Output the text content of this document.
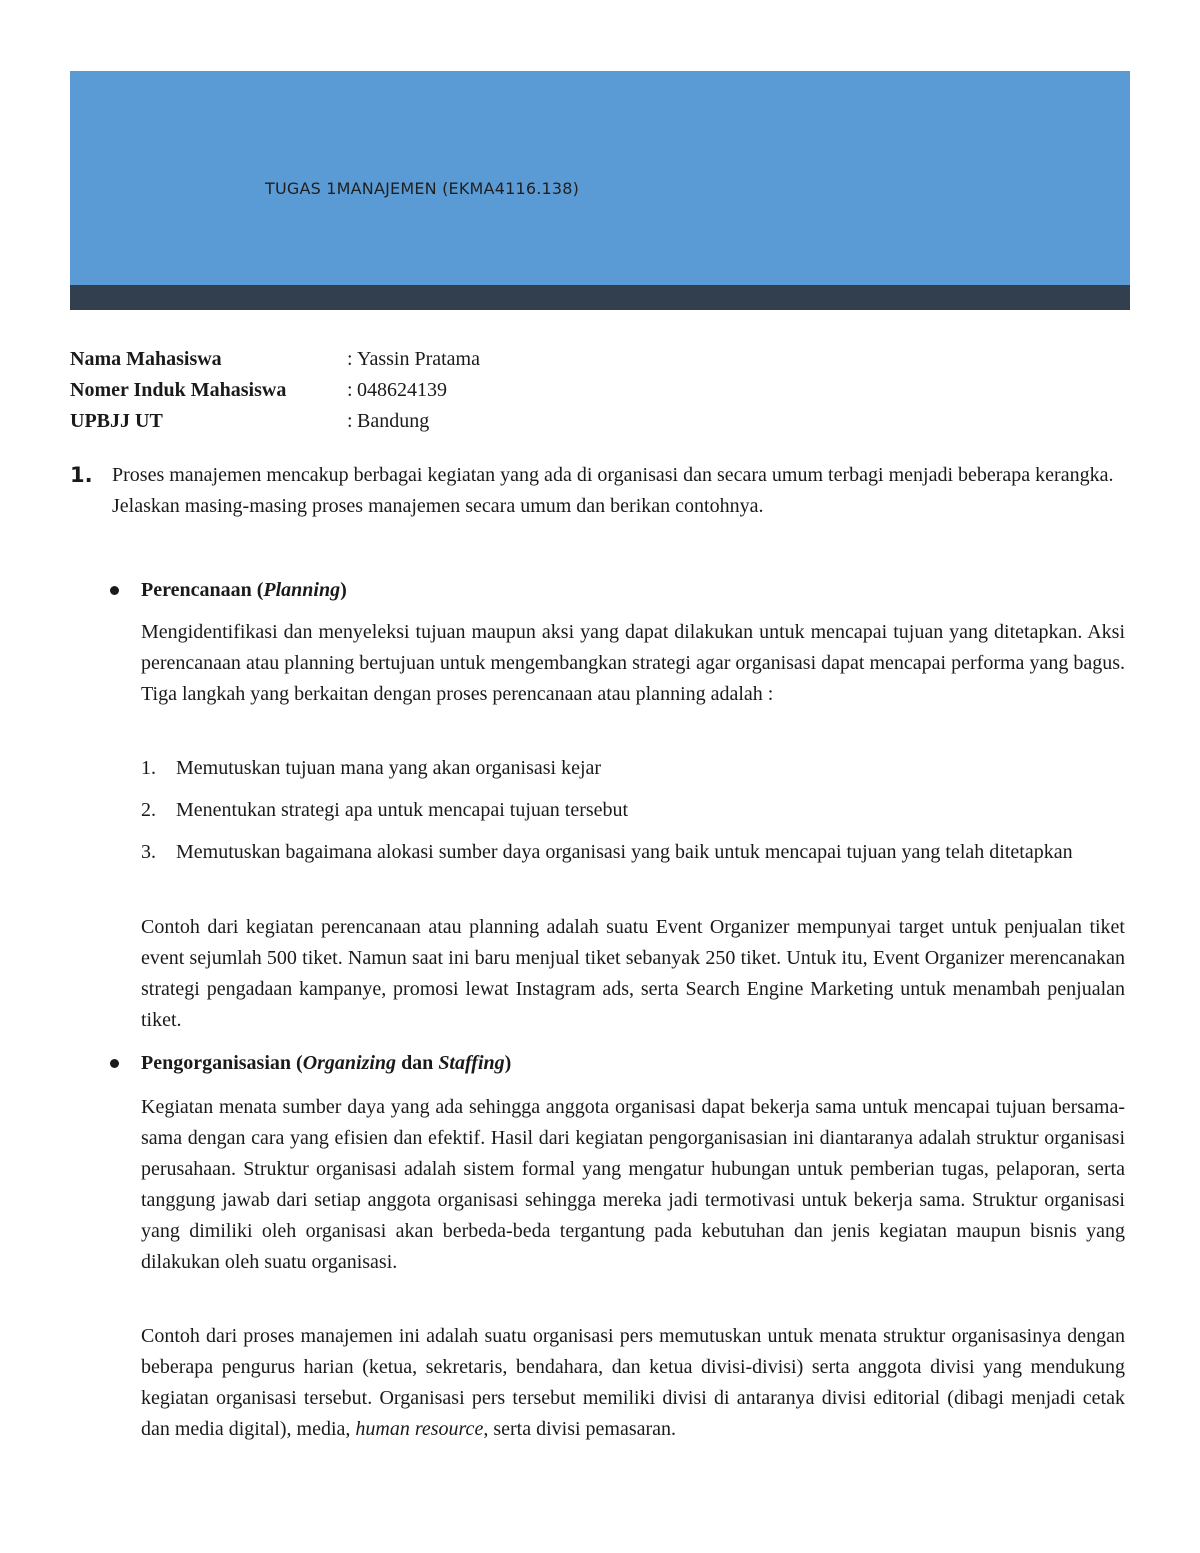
TUGAS 1MANAJEMEN (EKMA4116.138)
Nama Mahasiswa	: Yassin Pratama
Nomer Induk Mahasiswa	: 048624139
UPBJJ UT	: Bandung
1. Proses manajemen mencakup berbagai kegiatan yang ada di organisasi dan secara umum terbagi menjadi beberapa kerangka.
Jelaskan masing-masing proses manajemen secara umum dan berikan contohnya.
Perencanaan (Planning)
Mengidentifikasi dan menyeleksi tujuan maupun aksi yang dapat dilakukan untuk mencapai tujuan yang ditetapkan. Aksi perencanaan atau planning bertujuan untuk mengembangkan strategi agar organisasi dapat mencapai performa yang bagus. Tiga langkah yang berkaitan dengan proses perencanaan atau planning adalah :
1. Memutuskan tujuan mana yang akan organisasi kejar
2. Menentukan strategi apa untuk mencapai tujuan tersebut
3. Memutuskan bagaimana alokasi sumber daya organisasi yang baik untuk mencapai tujuan yang telah ditetapkan
Contoh dari kegiatan perencanaan atau planning adalah suatu Event Organizer mempunyai target untuk penjualan tiket event sejumlah 500 tiket. Namun saat ini baru menjual tiket sebanyak 250 tiket. Untuk itu, Event Organizer merencanakan strategi pengadaan kampanye, promosi lewat Instagram ads, serta Search Engine Marketing untuk menambah penjualan tiket.
Pengorganisasian (Organizing dan Staffing)
Kegiatan menata sumber daya yang ada sehingga anggota organisasi dapat bekerja sama untuk mencapai tujuan bersama-sama dengan cara yang efisien dan efektif. Hasil dari kegiatan pengorganisasian ini diantaranya adalah struktur organisasi perusahaan. Struktur organisasi adalah sistem formal yang mengatur hubungan untuk pemberian tugas, pelaporan, serta tanggung jawab dari setiap anggota organisasi sehingga mereka jadi termotivasi untuk bekerja sama. Struktur organisasi yang dimiliki oleh organisasi akan berbeda-beda tergantung pada kebutuhan dan jenis kegiatan maupun bisnis yang dilakukan oleh suatu organisasi.
Contoh dari proses manajemen ini adalah suatu organisasi pers memutuskan untuk menata struktur organisasinya dengan beberapa pengurus harian (ketua, sekretaris, bendahara, dan ketua divisi-divisi) serta anggota divisi yang mendukung kegiatan organisasi tersebut. Organisasi pers tersebut memiliki divisi di antaranya divisi editorial (dibagi menjadi cetak dan media digital), media, human resource, serta divisi pemasaran.
